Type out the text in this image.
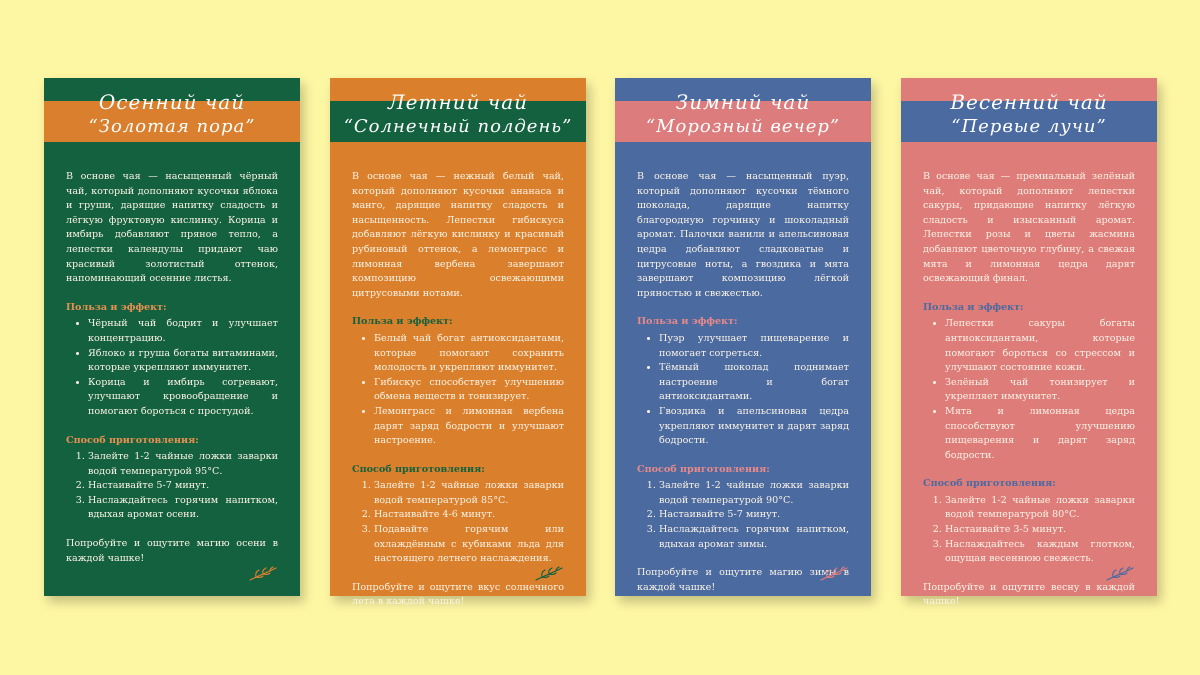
Осенний чай
“Золотая пора”

В основе чая — насыщенный чёрный чай, который дополняют кусочки яблока и груши, дарящие напитку сладость и лёгкую фруктовую кислинку. Корица и имбирь добавляют пряное тепло, а лепестки календулы придают чаю красивый золотистый оттенок, напоминающий осенние листья.

Польза и эффект:

• Чёрный чай бодрит и улучшает концентрацию.
• Яблоко и груша богаты витаминами, которые укрепляют иммунитет.
• Корица и имбирь согревают, улучшают кровообращение и помогают бороться с простудой.

Способ приготовления:

1. Залейте 1-2 чайные ложки заварки водой температурой 95°С.
2. Настаивайте 5-7 минут.
3. Наслаждайтесь горячим напитком, вдыхая аромат осени.

Попробуйте и ощутите магию осени в каждой чашке!

Летний чай
“Солнечный полдень”

В основе чая — нежный белый чай, который дополняют кусочки ананаса и манго, дарящие напитку сладость и насыщенность. Лепестки гибискуса добавляют лёгкую кислинку и красивый рубиновый оттенок, а лемонграсс и лимонная вербена завершают композицию освежающими цитрусовыми нотами.

Польза и эффект:

• Белый чай богат антиоксидантами, которые помогают сохранить молодость и укрепляют иммунитет.
• Гибискус способствует улучшению обмена веществ и тонизирует.
• Лемонграсс и лимонная вербена дарят заряд бодрости и улучшают настроение.

Способ приготовления:

1. Залейте 1-2 чайные ложки заварки водой температурой 85°С.
2. Настаивайте 4-6 минут.
3. Подавайте горячим или охлаждённым с кубиками льда для настоящего летнего наслаждения.

Попробуйте и ощутите вкус солнечного лета в каждой чашке!

Зимний чай
“Морозный вечер”

В основе чая — насыщенный пуэр, который дополняют кусочки тёмного шоколада, дарящие напитку благородную горчинку и шоколадный аромат. Палочки ванили и апельсиновая цедра добавляют сладковатые и цитрусовые ноты, а гвоздика и мята завершают композицию лёгкой пряностью и свежестью.

Польза и эффект:

• Пуэр улучшает пищеварение и помогает согреться.
• Тёмный шоколад поднимает настроение и богат антиоксидантами.
• Гвоздика и апельсиновая цедра укрепляют иммунитет и дарят заряд бодрости.

Способ приготовления:

1. Залейте 1-2 чайные ложки заварки водой температурой 90°С.
2. Настаивайте 5-7 минут.
3. Наслаждайтесь горячим напитком, вдыхая аромат зимы.

Попробуйте и ощутите магию зимы в каждой чашке!

Весенний чай
“Первые лучи”

В основе чая — премиальный зелёный чай, который дополняют лепестки сакуры, придающие напитку лёгкую сладость и изысканный аромат. Лепестки розы и цветы жасмина добавляют цветочную глубину, а свежая мята и лимонная цедра дарят освежающий финал.

Польза и эффект:

• Лепестки сакуры богаты антиоксидантами, которые помогают бороться со стрессом и улучшают состояние кожи.
• Зелёный чай тонизирует и укрепляет иммунитет.
• Мята и лимонная цедра способствуют улучшению пищеварения и дарят заряд бодрости.

Способ приготовления:

1. Залейте 1-2 чайные ложки заварки водой температурой 80°С.
2. Настаивайте 3-5 минут.
3. Наслаждайтесь каждым глотком, ощущая весеннюю свежесть.

Попробуйте и ощутите весну в каждой чашке!
